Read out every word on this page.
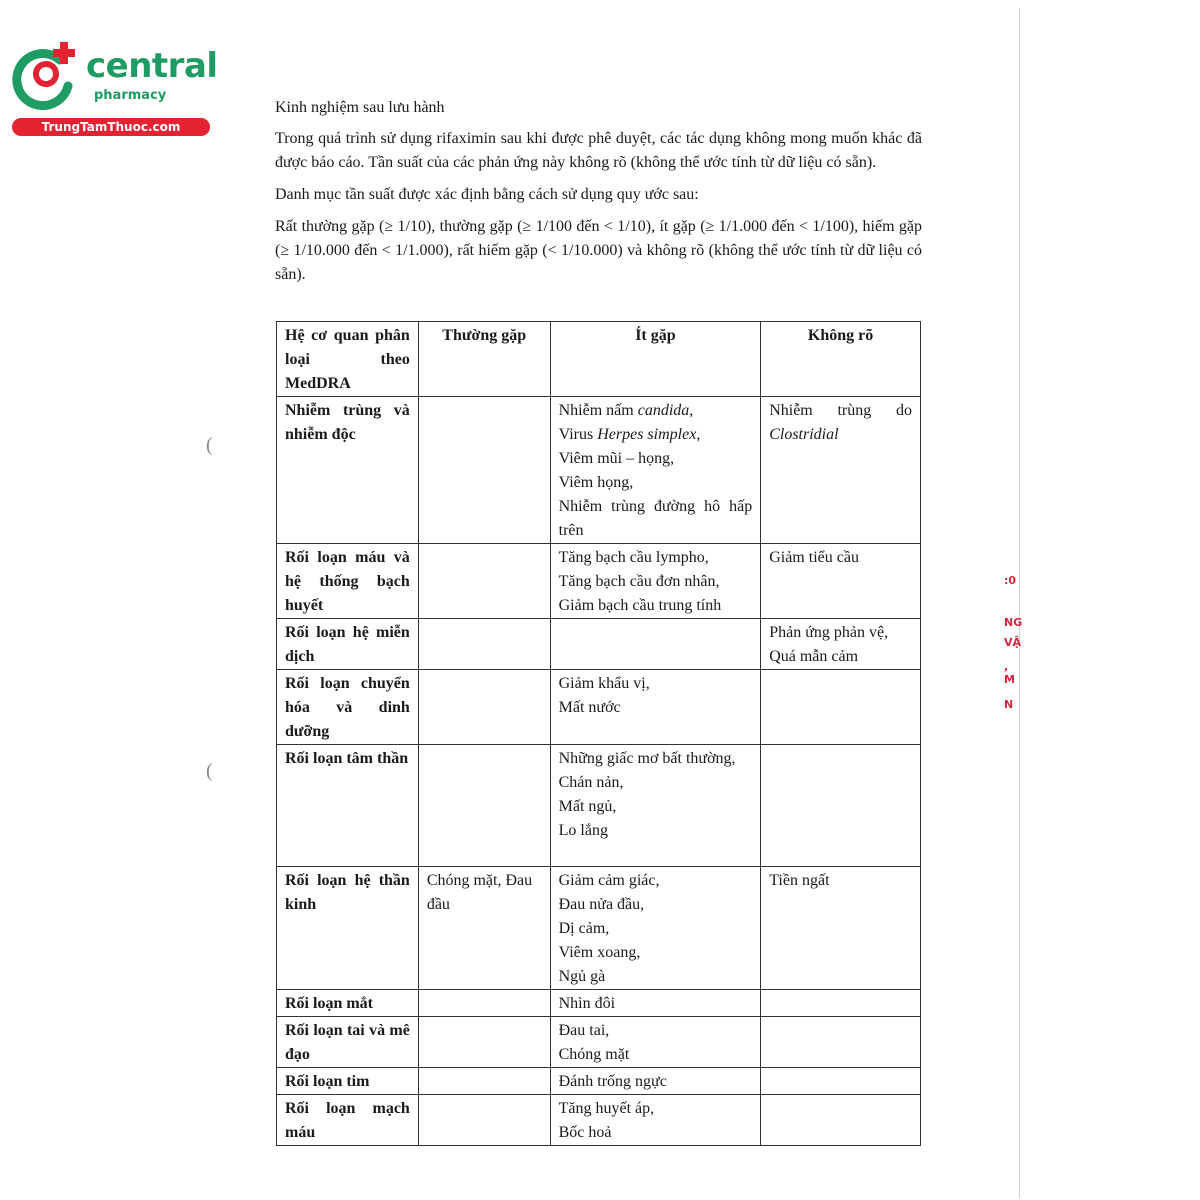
central
pharmacy
TrungTamThuoc.com
(
(
:0
NG
VẬ
, M
N

Kinh nghiệm sau lưu hành

Trong quá trình sử dụng rifaximin sau khi được phê duyệt, các tác dụng không mong muốn khác đã được báo cáo. Tần suất của các phản ứng này không rõ (không thể ước tính từ dữ liệu có sẵn).

Danh mục tần suất được xác định bằng cách sử dụng quy ước sau:

Rất thường gặp (≥ 1/10), thường gặp (≥ 1/100 đến < 1/10), ít gặp (≥ 1/1.000 đến < 1/100), hiếm gặp (≥ 1/10.000 đến < 1/1.000), rất hiếm gặp (< 1/10.000) và không rõ (không thể ước tính từ dữ liệu có sẵn).

Hệ cơ quan phân loại theo MedDRA	Thường gặp	Ít gặp	Không rõ
Nhiễm trùng và nhiễm độc		Nhiễm nấm candida,
Virus Herpes simplex,
Viêm mũi – họng,
Viêm họng,
Nhiễm trùng đường hô hấp trên	Nhiễm trùng do Clostridial

Rối loạn máu và hệ thống bạch huyết		Tăng bạch cầu lympho,
Tăng bạch cầu đơn nhân,
Giảm bạch cầu trung tính	Giảm tiểu cầu

Rối loạn hệ miễn dịch			Phản ứng phản vệ,
Quá mẫn cảm

Rối loạn chuyển hóa và dinh dưỡng		Giảm khẩu vị,
Mất nước	

Rối loạn tâm thần		Những giấc mơ bất thường,
Chán nản,
Mất ngủ,
Lo lắng	

Rối loạn hệ thần kinh	Chóng mặt, Đau đầu	Giảm cảm giác,
Đau nửa đầu,
Dị cảm,
Viêm xoang,
Ngủ gà	Tiền ngất

Rối loạn mắt		Nhìn đôi	

Rối loạn tai và mê đạo		Đau tai,
Chóng mặt	

Rối loạn tim		Đánh trống ngực	

Rối loạn mạch máu		Tăng huyết áp,
Bốc hoả	
